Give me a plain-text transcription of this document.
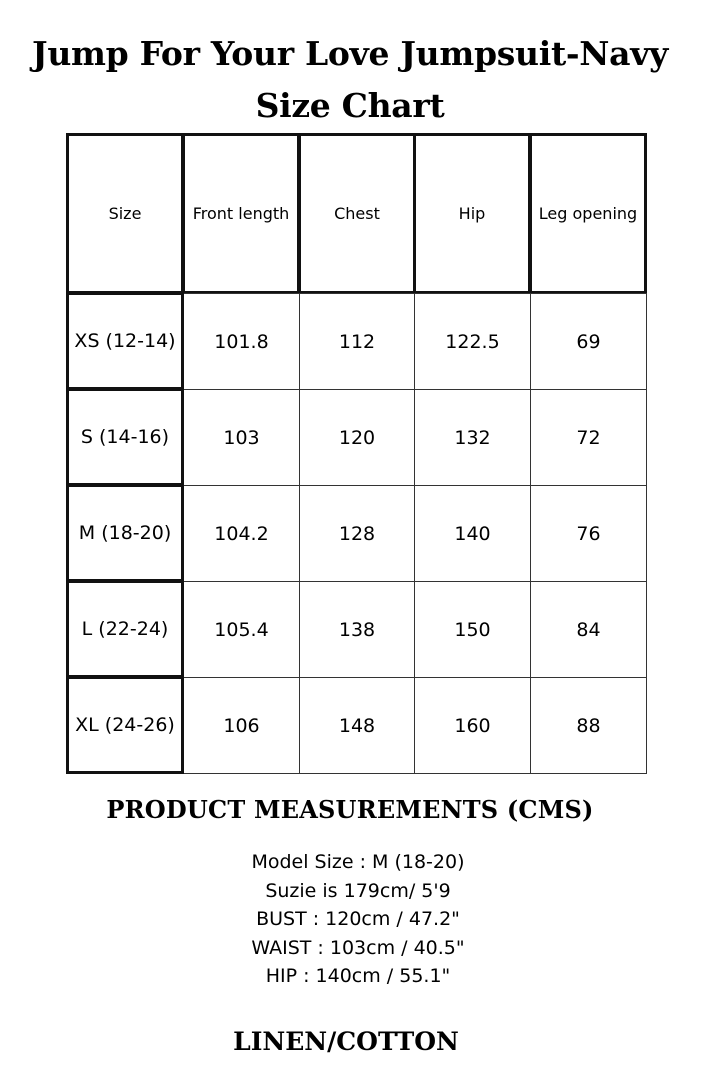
Jump For Your Love Jumpsuit-Navy
Size Chart
Size	Front length	Chest	Hip	Leg opening
XS (12-14)	101.8	112	122.5	69
S (14-16)	103	120	132	72
M (18-20)	104.2	128	140	76
L (22-24)	105.4	138	150	84
XL (24-26)	106	148	160	88
PRODUCT MEASUREMENTS (CMS)
Model Size : M (18-20)
Suzie is 179cm/ 5'9
BUST : 120cm / 47.2"
WAIST : 103cm / 40.5"
HIP : 140cm / 55.1"
LINEN/COTTON
